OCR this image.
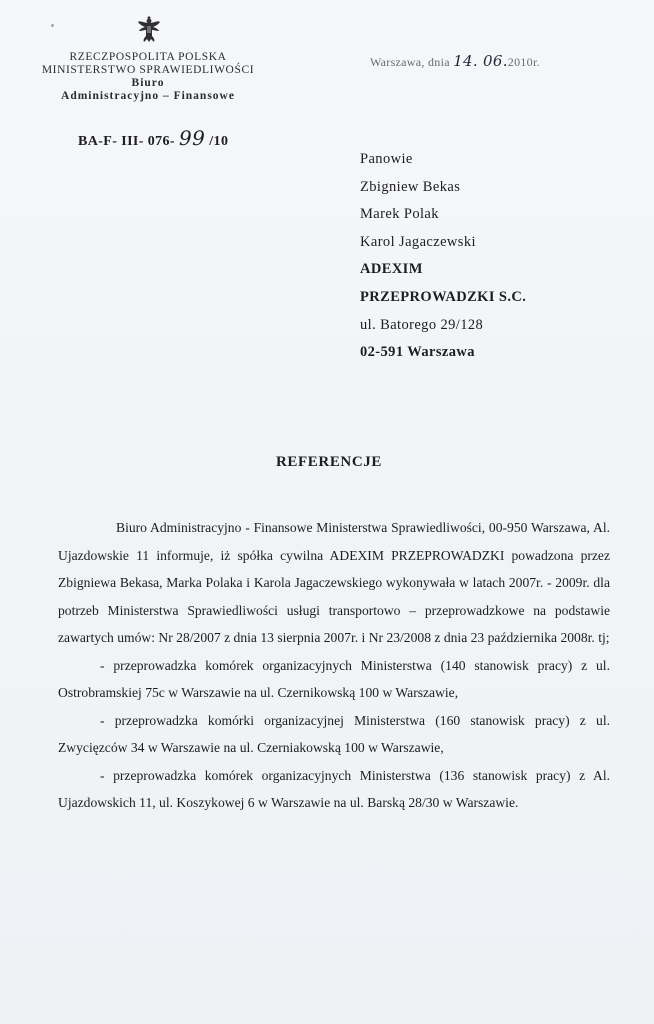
RZECZPOSPOLITA POLSKA
MINISTERSTWO SPRAWIEDLIWOŚCI
Biuro
Administracyjno – Finansowe
BA-F- III- 076- 99 /10
Warszawa, dnia 14. 06.2010r.
Panowie
Zbigniew Bekas
Marek Polak
Karol Jagaczewski
ADEXIM
PRZEPROWADZKI S.C.
ul. Batorego 29/128
02-591 Warszawa
REFERENCJE

Biuro Administracyjno - Finansowe Ministerstwa Sprawiedliwości, 00-950 Warszawa, Al. Ujazdowskie 11 informuje, iż spółka cywilna ADEXIM PRZEPROWADZKI powadzona przez Zbigniewa Bekasa, Marka Polaka i Karola Jagaczewskiego wykonywała w latach 2007r. - 2009r. dla potrzeb Ministerstwa Sprawiedliwości usługi transportowo – przeprowadzkowe na podstawie zawartych umów: Nr 28/2007 z dnia 13 sierpnia 2007r. i Nr 23/2008 z dnia 23 października 2008r. tj;

- przeprowadzka komórek organizacyjnych Ministerstwa (140 stanowisk pracy) z ul. Ostrobramskiej 75c w Warszawie na ul. Czernikowską 100 w Warszawie,

- przeprowadzka komórki organizacyjnej Ministerstwa (160 stanowisk pracy) z ul. Zwycięzców 34 w Warszawie na ul. Czerniakowską 100 w Warszawie,

- przeprowadzka komórek organizacyjnych Ministerstwa (136 stanowisk pracy) z Al. Ujazdowskich 11, ul. Koszykowej 6 w Warszawie na ul. Barską 28/30 w Warszawie.
